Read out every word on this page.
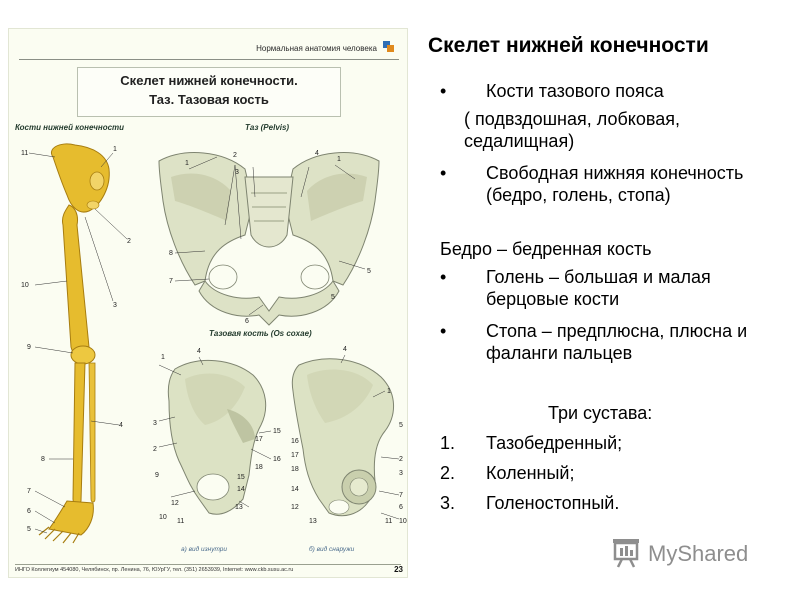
Нормальная анатомия человека
Скелет нижней конечности.
Таз. Тазовая кость
Кости нижней конечности	Таз (Pelvis)
Тазовая кость (Os coxae)
11
1
2
3
10
9
4
8
7
6
5
1
2
3
4
1
8
7
6
5
5
1
4
3
2
15
17
16
18
15
14
9
13
12
10
11
а) вид изнутри
4
1
5
2
3
16
17
18
14
12
13
7
6
11 10
б) вид снаружи
ИНГО Коллегиум 454080, Челябинск, пр. Ленина, 76, ЮУрГУ, тел. (351) 2653939, Internet: www.ckb.susu.ac.ru	23
Скелет нижней конечности
• Кости тазового пояса
( подвздошная, лобковая, седалищная)
• Свободная нижняя конечность (бедро, голень, стопа)
Бедро – бедренная кость
• Голень – большая и малая берцовые кости
• Стопа – предплюсна, плюсна и фаланги пальцев
Три сустава:
1. Тазобедренный;
2. Коленный;
3. Голеностопный.
MyShared
